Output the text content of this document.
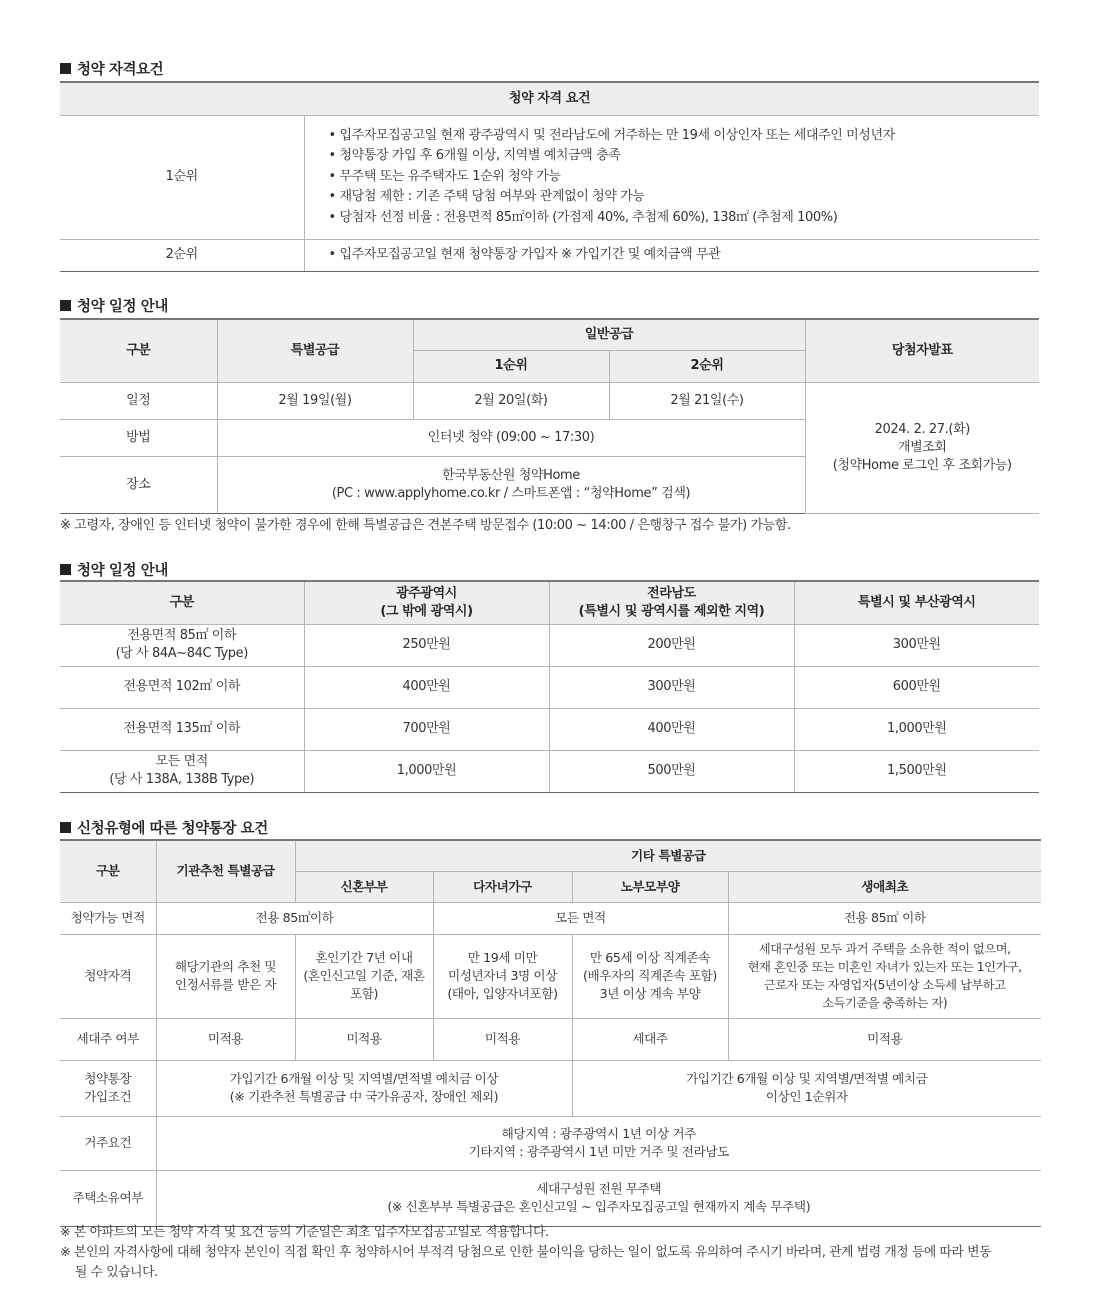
청약 자격요건
청약 자격 요건	
1순위	• 입주자모집공고일 현재 광주광역시 및 전라남도에 거주하는 만 19세 이상인자 또는 세대주인 미성년자
• 청약통장 가입 후 6개월 이상, 지역별 예치금액 충족
• 무주택 또는 유주택자도 1순위 청약 가능
• 재당첨 제한 : 기존 주택 당첨 여부와 관계없이 청약 가능
• 당첨자 선정 비율 : 전용면적 85㎡이하 (가점제 40%, 추첨제 60%), 138㎡ (추첨제 100%)

2순위	• 입주자모집공고일 현재 청약통장 가입자 ※ 가입기간 및 예치금액 무관
청약 일정 안내
구분	특별공급	일반공급		당첨자발표
		1순위	2순위	
일정	2월 19일(월)	2월 20일(화)	2월 21일(수)	2024. 2. 27.(화)
개별조회
(청약Home 로그인 후 조회가능)

방법	인터넷 청약 (09:00 ~ 17:30)			
장소	한국부동산원 청약Home
(PC : www.applyhome.co.kr / 스마트폰앱 : “청약Home” 검색)			
※ 고령자, 장애인 등 인터넷 청약이 불가한 경우에 한해 특별공급은 견본주택 방문접수 (10:00 ~ 14:00 / 은행창구 접수 불가) 가능함.
청약 일정 안내
구분	광주광역시
(그 밖에 광역시)	전라남도
(특별시 및 광역시를 제외한 지역)	특별시 및 부산광역시

전용면적 85㎡ 이하
(당 사 84A~84C Type)	250만원	200만원	300만원
전용면적 102㎡ 이하	400만원	300만원	600만원
전용면적 135㎡ 이하	700만원	400만원	1,000만원

모든 면적
(당 사 138A, 138B Type)	1,000만원	500만원	1,500만원
신청유형에 따른 청약통장 요건
구분	기관추천 특별공급	기타 특별공급			
		신혼부부	다자녀가구	노부모부양	생애최초
청약가능 면적	전용 85㎡이하		모든 면적		전용 85㎡ 이하
청약자격	해당기관의 추천 및
인정서류를 받은 자	혼인기간 7년 이내
(혼인신고일 기준, 재혼
포함)	만 19세 미만
미성년자녀 3명 이상
(태아, 입양자녀포함)	만 65세 이상 직계존속
(배우자의 직계존속 포함)
3년 이상 계속 부양	세대구성원 모두 과거 주택을 소유한 적이 없으며,
현재 혼인중 또는 미혼인 자녀가 있는자 또는 1인가구,
근로자 또는 자영업자(5년이상 소득세 납부하고
소득기준을 충족하는 자)

세대주 여부	미적용	미적용	미적용	세대주	미적용

청약통장
가입조건	가입기간 6개월 이상 및 지역별/면적별 예치금 이상
(※ 기관추천 특별공급 中 국가유공자, 장애인 제외)			가입기간 6개월 이상 및 지역별/면적별 예치금
이상인 1순위자	

거주요건	해당지역 : 광주광역시 1년 이상 거주
기타지역 : 광주광역시 1년 미만 거주 및 전라남도				

주택소유여부	세대구성원 전원 무주택
(※ 신혼부부 특별공급은 혼인신고일 ~ 입주자모집공고일 현재까지 계속 무주택)				
※ 본 아파트의 모든 청약 자격 및 요건 등의 기준일은 최초 입주자모집공고일로 적용합니다.
※ 본인의 자격사항에 대해 청약자 본인이 직접 확인 후 청약하시어 부적격 당첨으로 인한 불이익을 당하는 일이 없도록 유의하여 주시기 바라며, 관계 법령 개정 등에 따라 변동
될 수 있습니다.
